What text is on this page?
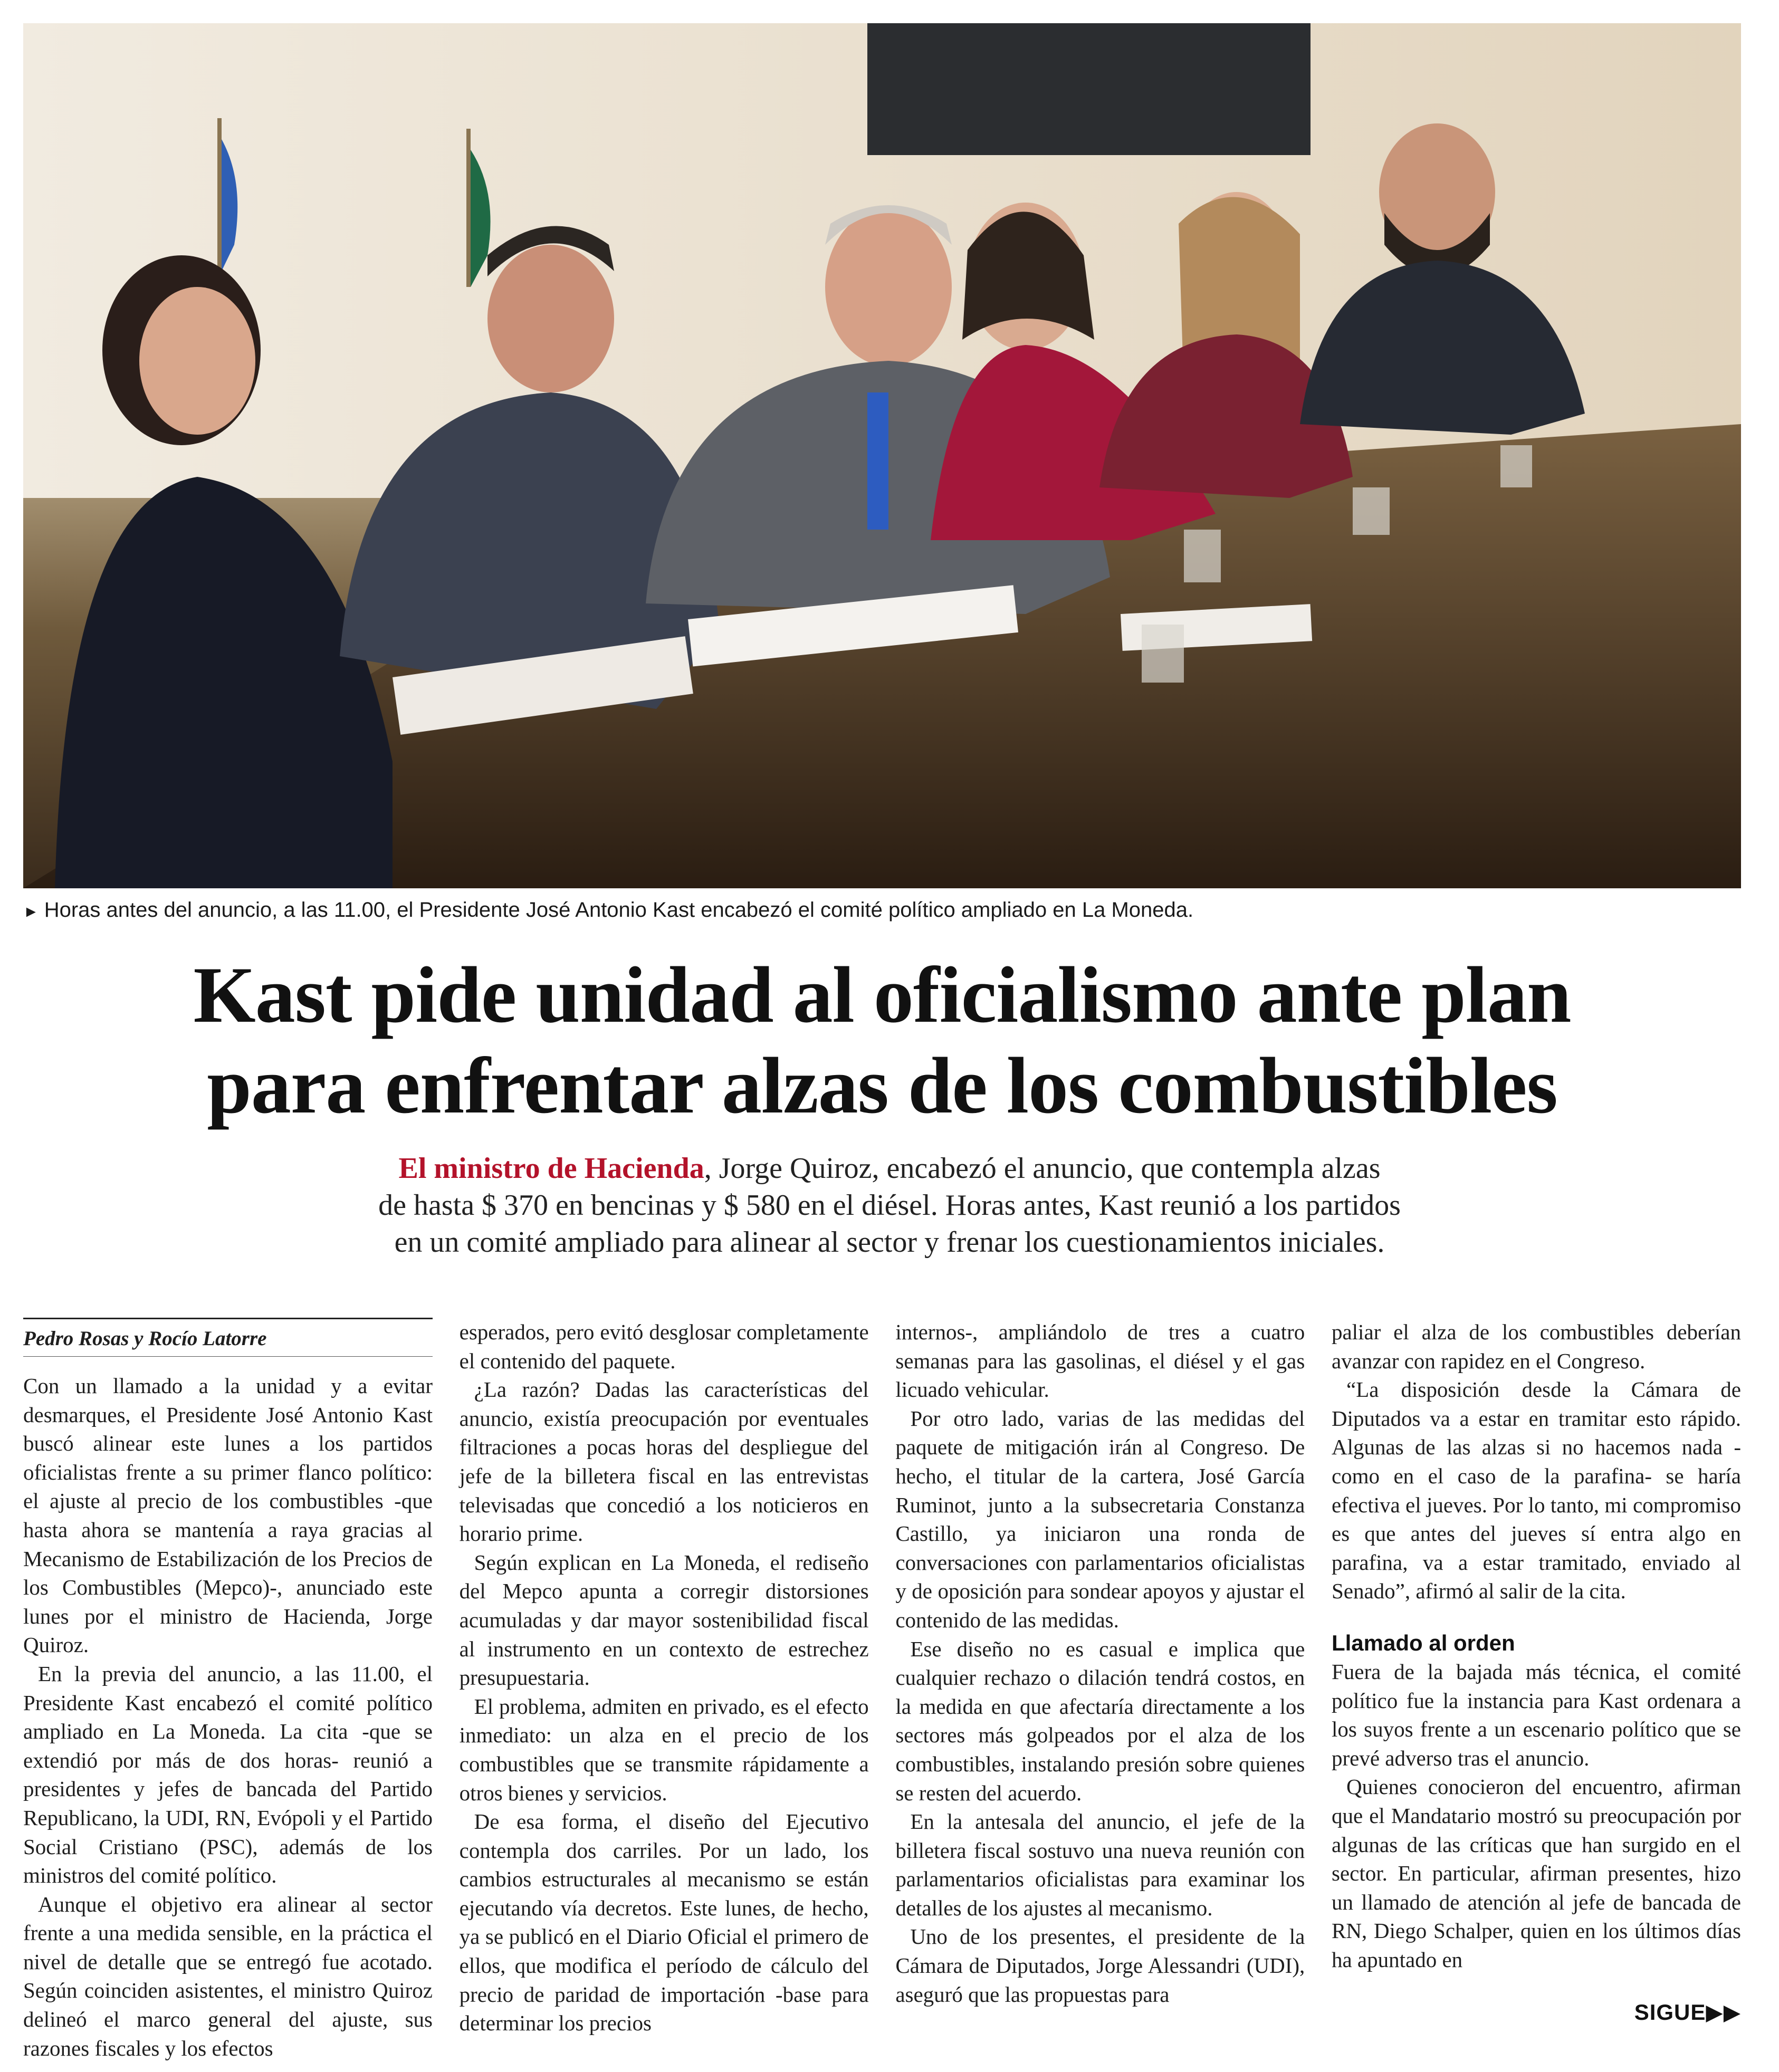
► Horas antes del anuncio, a las 11.00, el Presidente José Antonio Kast encabezó el comité político ampliado en La Moneda.
Kast pide unidad al oficialismo ante plan
para enfrentar alzas de los combustibles
El ministro de Hacienda, Jorge Quiroz, encabezó el anuncio, que contempla alzas
de hasta $ 370 en bencinas y $ 580 en el diésel. Horas antes, Kast reunió a los partidos
en un comité ampliado para alinear al sector y frenar los cuestionamientos iniciales.
Pedro Rosas y Rocío Latorre

Con un llamado a la unidad y a evitar desmarques, el Presidente José Antonio Kast buscó alinear este lunes a los partidos oficialistas frente a su primer flanco político: el ajuste al precio de los combustibles -que hasta ahora se mantenía a raya gracias al Mecanismo de Estabilización de los Precios de los Combustibles (Mepco)-, anunciado este lunes por el ministro de Hacienda, Jorge Quiroz.

En la previa del anuncio, a las 11.00, el Presidente Kast encabezó el comité político ampliado en La Moneda. La cita -que se extendió por más de dos horas- reunió a presidentes y jefes de bancada del Partido Republicano, la UDI, RN, Evópoli y el Partido Social Cristiano (PSC), además de los ministros del comité político.

Aunque el objetivo era alinear al sector frente a una medida sensible, en la práctica el nivel de detalle que se entregó fue acotado. Según coinciden asistentes, el ministro Quiroz delineó el marco general del ajuste, sus razones fiscales y los efectos

esperados, pero evitó desglosar completamente el contenido del paquete.

¿La razón? Dadas las características del anuncio, existía preocupación por eventuales filtraciones a pocas horas del despliegue del jefe de la billetera fiscal en las entrevistas televisadas que concedió a los noticieros en horario prime.

Según explican en La Moneda, el rediseño del Mepco apunta a corregir distorsiones acumuladas y dar mayor sostenibilidad fiscal al instrumento en un contexto de estrechez presupuestaria.

El problema, admiten en privado, es el efecto inmediato: un alza en el precio de los combustibles que se transmite rápidamente a otros bienes y servicios.

De esa forma, el diseño del Ejecutivo contempla dos carriles. Por un lado, los cambios estructurales al mecanismo se están ejecutando vía decretos. Este lunes, de hecho, ya se publicó en el Diario Oficial el primero de ellos, que modifica el período de cálculo del precio de paridad de importación -base para determinar los precios

internos-, ampliándolo de tres a cuatro semanas para las gasolinas, el diésel y el gas licuado vehicular.

Por otro lado, varias de las medidas del paquete de mitigación irán al Congreso. De hecho, el titular de la cartera, José García Ruminot, junto a la subsecretaria Constanza Castillo, ya iniciaron una ronda de conversaciones con parlamentarios oficialistas y de oposición para sondear apoyos y ajustar el contenido de las medidas.

Ese diseño no es casual e implica que cualquier rechazo o dilación tendrá costos, en la medida en que afectaría directamente a los sectores más golpeados por el alza de los combustibles, instalando presión sobre quienes se resten del acuerdo.

En la antesala del anuncio, el jefe de la billetera fiscal sostuvo una nueva reunión con parlamentarios oficialistas para examinar los detalles de los ajustes al mecanismo.

Uno de los presentes, el presidente de la Cámara de Diputados, Jorge Alessandri (UDI), aseguró que las propuestas para

paliar el alza de los combustibles deberían avanzar con rapidez en el Congreso.

“La disposición desde la Cámara de Diputados va a estar en tramitar esto rápido. Algunas de las alzas si no hacemos nada -como en el caso de la parafina- se haría efectiva el jueves. Por lo tanto, mi compromiso es que antes del jueves sí entra algo en parafina, va a estar tramitado, enviado al Senado”, afirmó al salir de la cita.

Llamado al orden

Fuera de la bajada más técnica, el comité político fue la instancia para Kast ordenara a los suyos frente a un escenario político que se prevé adverso tras el anuncio.

Quienes conocieron del encuentro, afirman que el Mandatario mostró su preocupación por algunas de las críticas que han surgido en el sector. En particular, afirman presentes, hizo un llamado de atención al jefe de bancada de RN, Diego Schalper, quien en los últimos días ha apuntado en

SIGUE▶▶
